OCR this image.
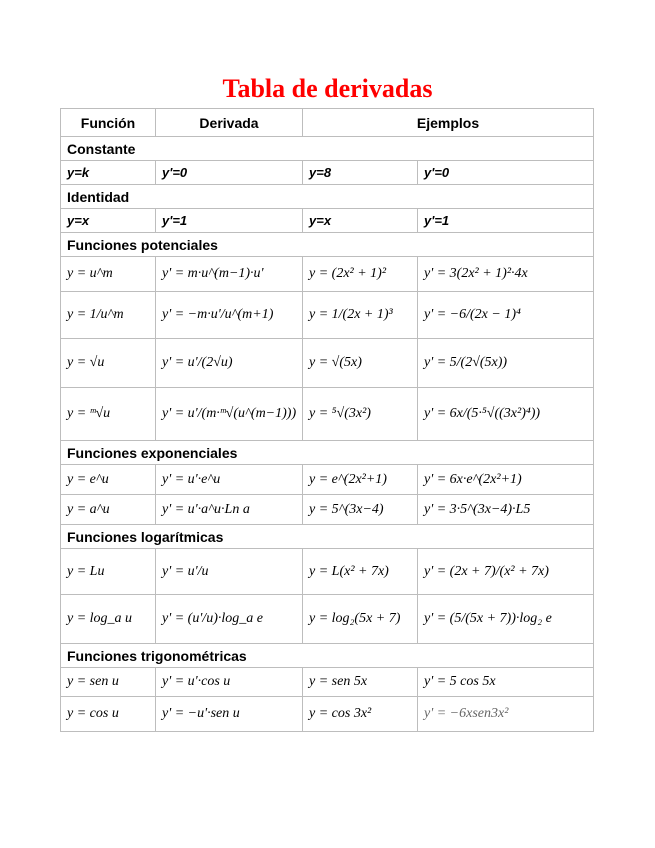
Tabla de derivadas
Función	Derivada	Ejemplos	
Constante			
y=k	y'=0	y=8	y'=0
Identidad			
y=x	y'=1	y=x	y'=1
Funciones potenciales			
y = u^m	y' = m·u^(m−1)·u'	y = (2x² + 1)²	y' = 3(2x² + 1)²·4x
y = 1/u^m	y' = −m·u'/u^(m+1)	y = 1/(2x + 1)³	y' = −6/(2x − 1)⁴
y = √u	y' = u'/(2√u)	y = √(5x)	y' = 5/(2√(5x))
y = ᵐ√u	y' = u'/(m·ᵐ√(u^(m−1)))	y = ⁵√(3x²)	y' = 6x/(5·⁵√((3x²)⁴))
Funciones exponenciales			
y = e^u	y' = u'·e^u	y = e^(2x²+1)	y' = 6x·e^(2x²+1)
y = a^u	y' = u'·a^u·Ln a	y = 5^(3x−4)	y' = 3·5^(3x−4)·L5
Funciones logarítmicas			
y = Lu	y' = u'/u	y = L(x² + 7x)	y' = (2x + 7)/(x² + 7x)
y = log_a u	y' = (u'/u)·log_a e	y = log₂(5x + 7)	y' = (5/(5x + 7))·log₂ e
Funciones trigonométricas			
y = sen u	y' = u'·cos u	y = sen 5x	y' = 5 cos 5x
y = cos u	y' = −u'·sen u	y = cos 3x²	y' = −6xsen3x²
